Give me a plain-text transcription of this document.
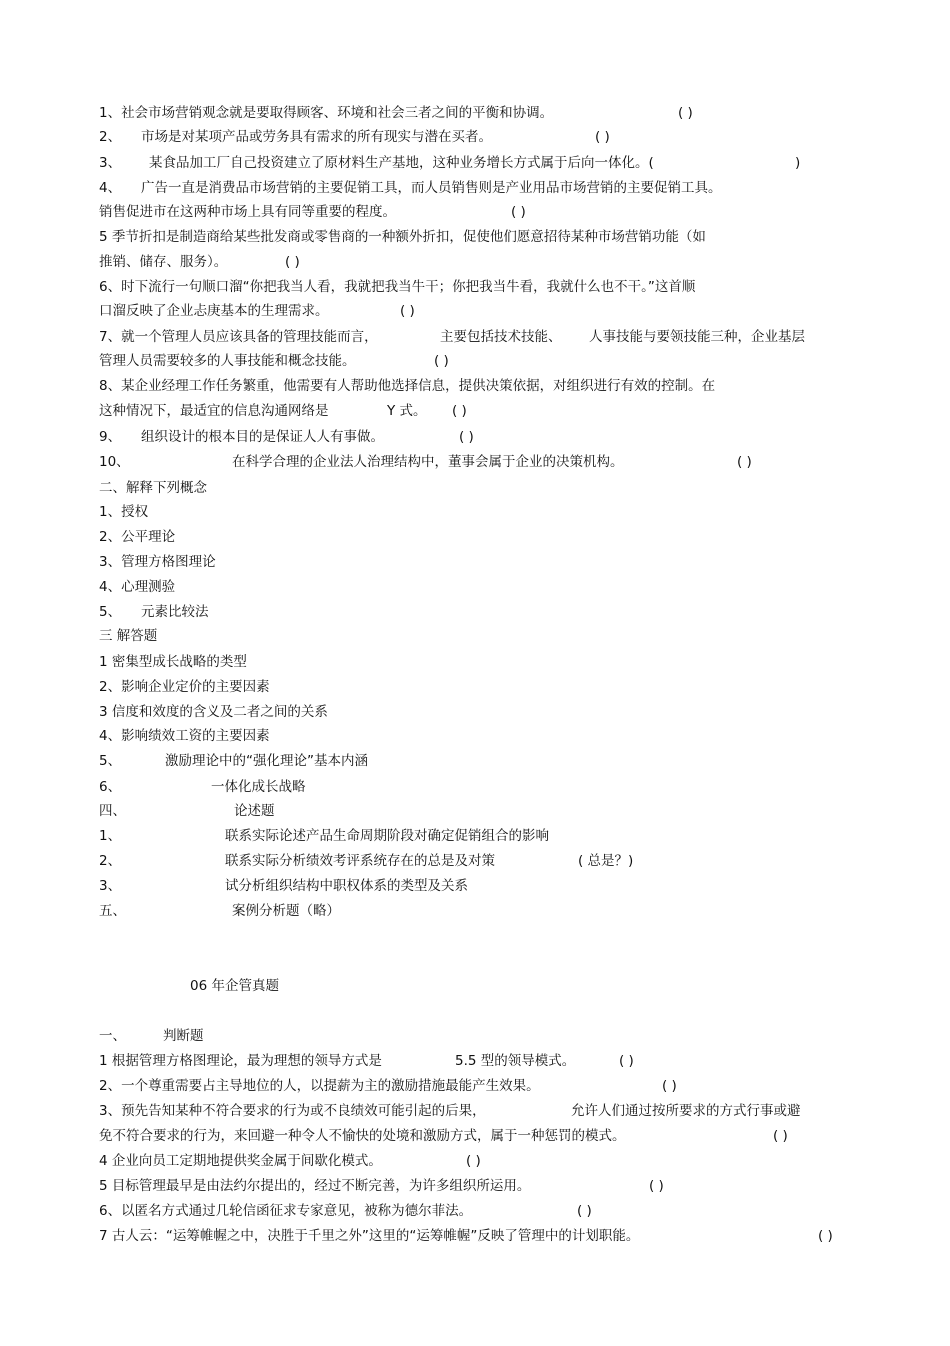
1、社会市场营销观念就是要取得顾客、环境和社会三者之间的平衡和协调。	( )
2、 市场是对某项产品或劳务具有需求的所有现实与潜在买者。	( )
3、 某食品加工厂自己投资建立了原材料生产基地，这种业务增长方式属于后向一体化。(	)
4、 广告一直是消费品市场营销的主要促销工具，而人员销售则是产业用品市场营销的主要促销工具。
销售促进市在这两种市场上具有同等重要的程度。	( )
5 季节折扣是制造商给某些批发商或零售商的一种额外折扣，促使他们愿意招待某种市场营销功能（如
推销、储存、服务）。	( )
6、时下流行一句顺口溜“你把我当人看，我就把我当牛干；你把我当牛看，我就什么也不干。”这首顺
口溜反映了企业忐庚基本的生理需求。	( )
7、就一个管理人员应该具备的管理技能而言，	主要包括技术技能、 人事技能与要领技能三种，企业基层
管理人员需要较多的人事技能和概念技能。	( )
8、某企业经理工作任务繁重，他需要有人帮助他选择信息，提供决策依据，对组织进行有效的控制。在
这种情况下，最适宜的信息沟通网络是	Y 式。 ( )
9、 组织设计的根本目的是保证人人有事做。	( )
10、	在科学合理的企业法人治理结构中，董事会属于企业的决策机构。	( )
二、解释下列概念
1、授权
2、公平理论
3、管理方格图理论
4、心理测验
5、 元素比较法
三 解答题
1 密集型成长战略的类型
2、影响企业定价的主要因素
3 信度和效度的含义及二者之间的关系
4、影响绩效工资的主要因素
5、	激励理论中的“强化理论”基本内涵
6、	一体化成长战略
四、	论述题
1、	联系实际论述产品生命周期阶段对确定促销组合的影响
2、	联系实际分析绩效考评系统存在的总是及对策	( 总是？)
3、	试分析组织结构中职权体系的类型及关系
五、	案例分析题（略）
06 年企管真题
一、	判断题
1 根据管理方格图理论，最为理想的领导方式是	5.5 型的领导模式。	( )
2、一个尊重需要占主导地位的人，以提薪为主的激励措施最能产生效果。	( )
3、预先告知某种不符合要求的行为或不良绩效可能引起的后果，	允许人们通过按所要求的方式行事或避
免不符合要求的行为，来回避一种令人不愉快的处境和激励方式，属于一种惩罚的模式。	( )
4 企业向员工定期地提供奖金属于间歇化模式。	( )
5 目标管理最早是由法约尔提出的，经过不断完善，为许多组织所运用。	( )
6、以匿名方式通过几轮信函征求专家意见，被称为德尔菲法。	( )
7 古人云：“运筹帷幄之中，决胜于千里之外”这里的“运筹帷幄”反映了管理中的计划职能。	( )
